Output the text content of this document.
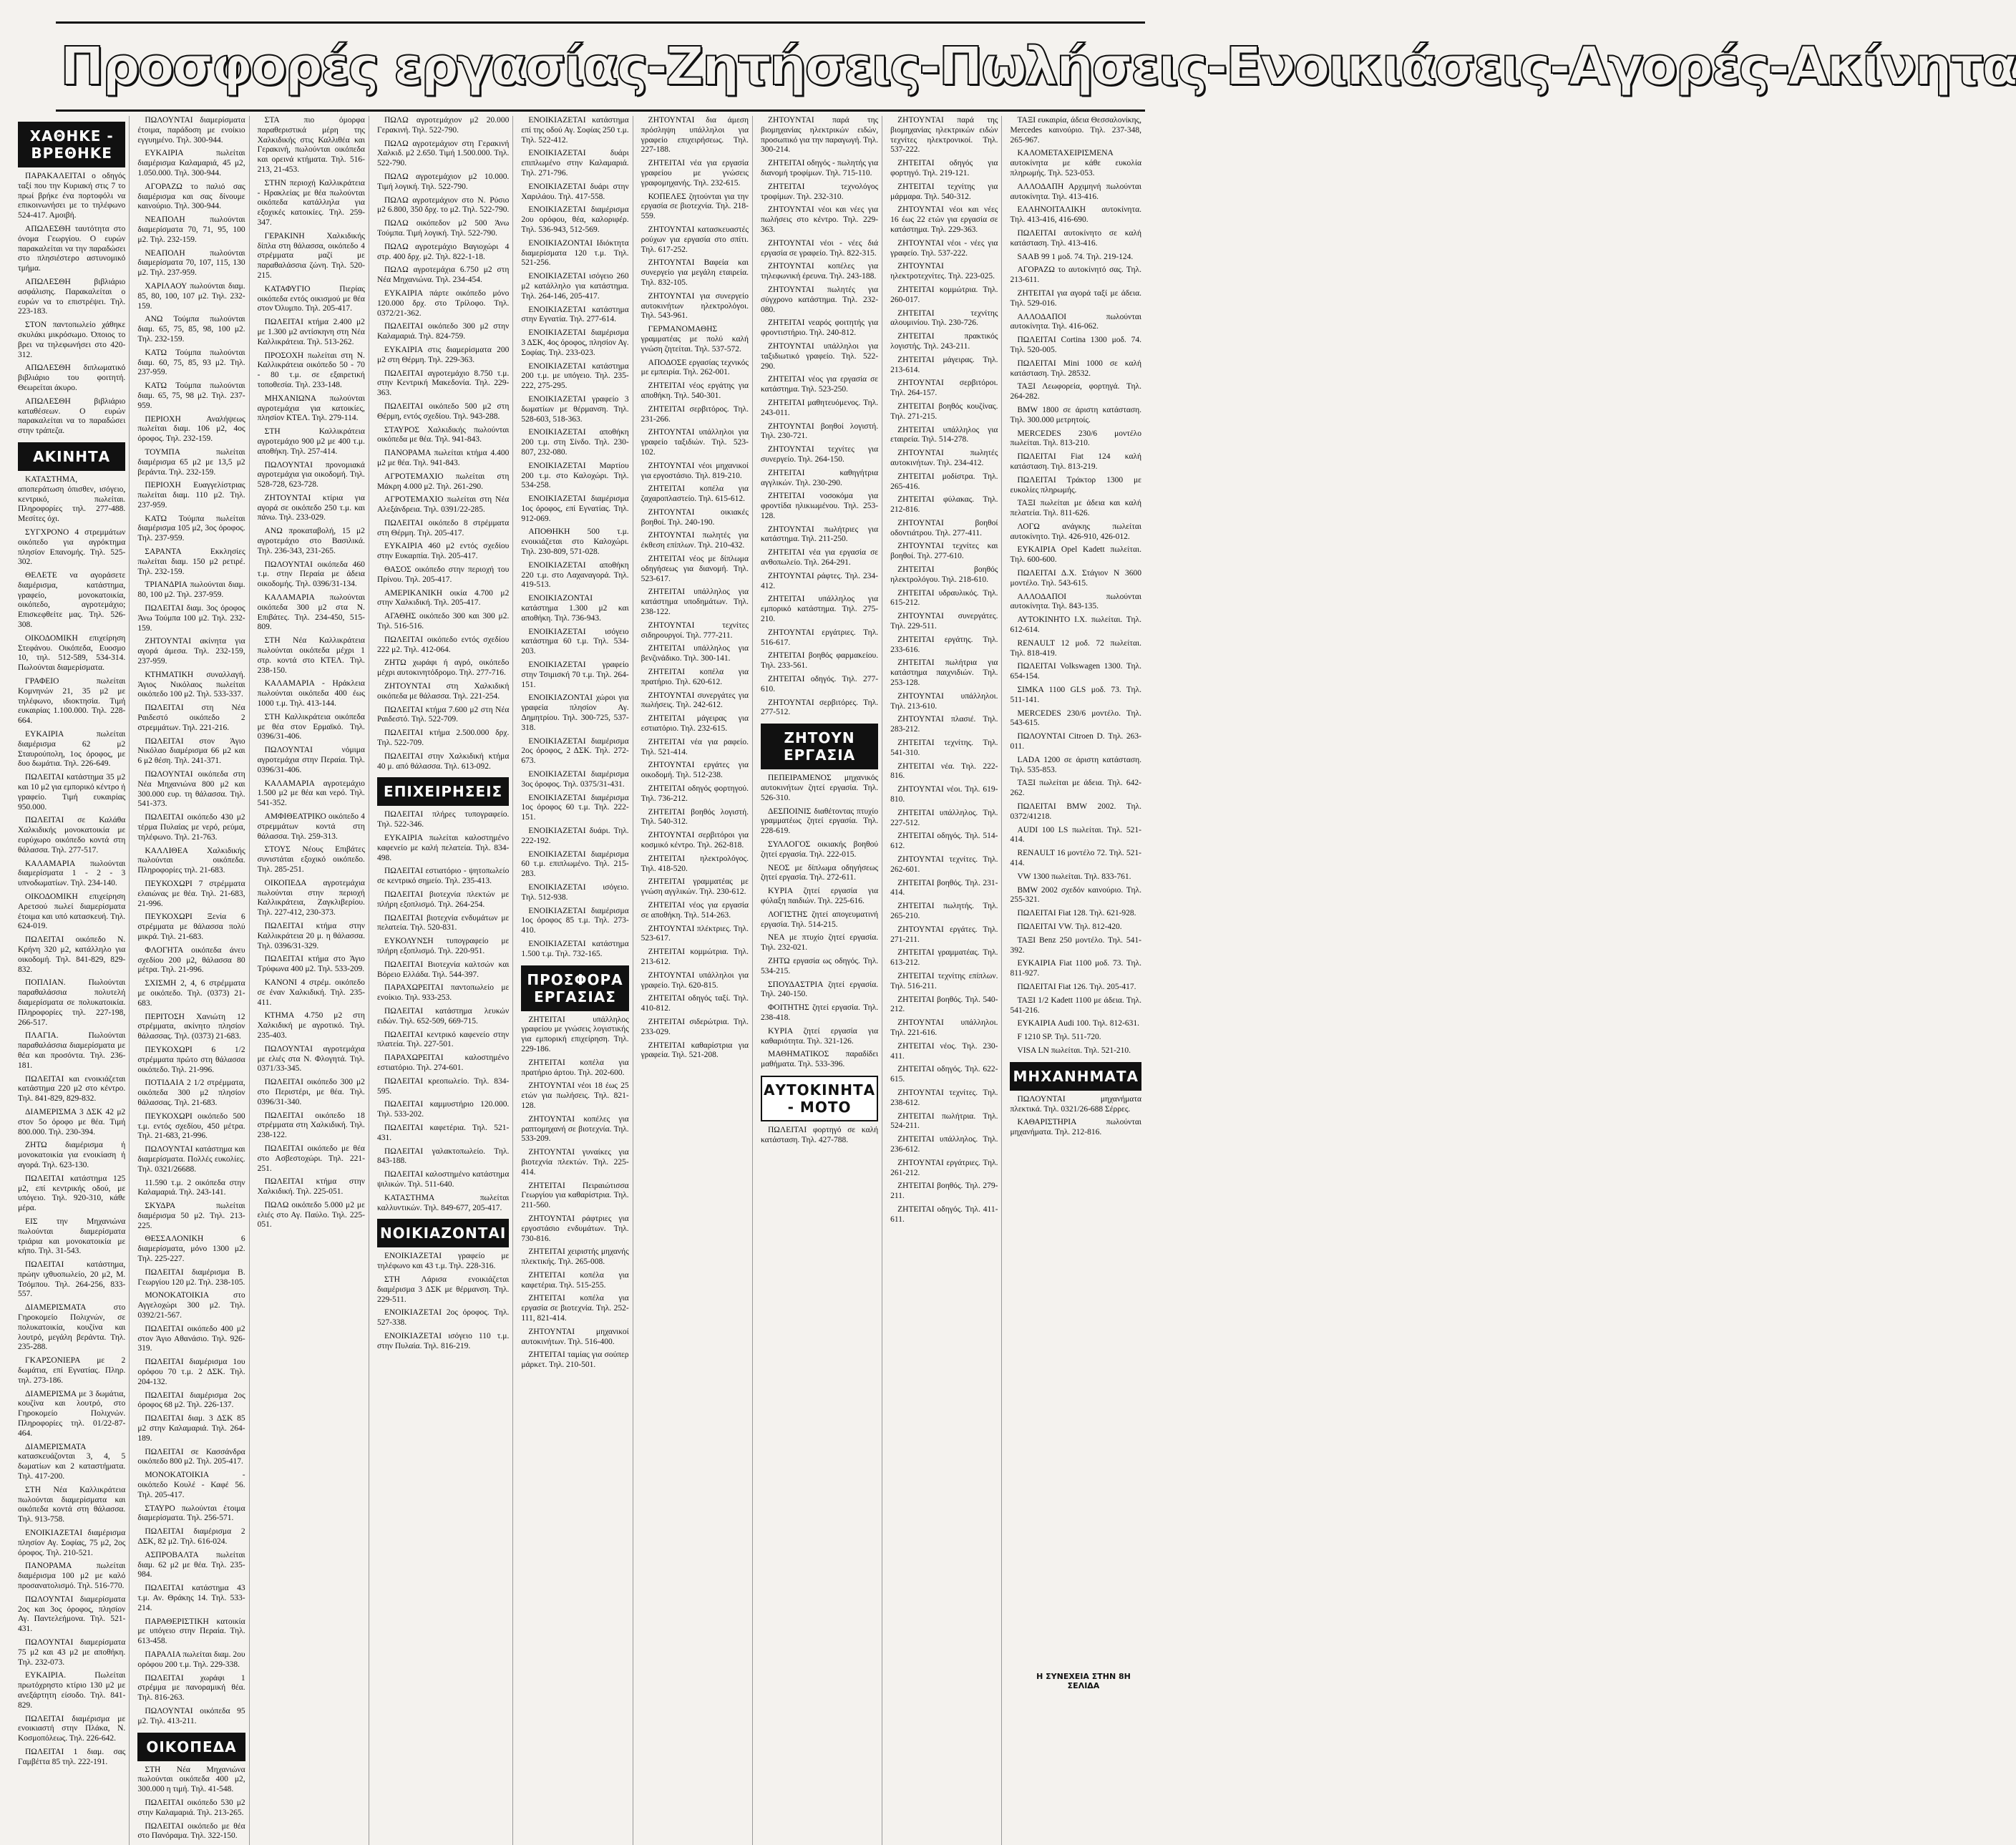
Προσφορές εργασίας-Ζητήσεις-Πωλήσεις-Ενοικιάσεις-Αγορές-Ακίνητα
ΧΑΘΗΚΕ - ΒΡΕΘΗΚΕ
ΠΑΡΑΚΑΛΕΙΤΑΙ ο οδηγός ταξί που την Κυριακή στις 7 το πρωί βρήκε ένα πορτοφόλι να επικοινωνήσει με το τηλέφωνο 524-417. Αμοιβή.
ΑΠΩΛΕΣΘΗ ταυτότητα στο όνομα Γεωργίου. Ο ευρών παρακαλείται να την παραδώσει στο πλησιέστερο αστυνομικό τμήμα.
ΑΠΩΛΕΣΘΗ βιβλιάριο ασφάλισης. Παρακαλείται ο ευρών να το επιστρέψει. Τηλ. 223-183.
ΣΤΟΝ παντοπωλείο χάθηκε σκυλάκι μικρόσωμο. Όποιος το βρει να τηλεφωνήσει στο 420-312.
ΑΠΩΛΕΣΘΗ διπλωματικό βιβλιάριο του φοιτητή. Θεωρείται άκυρο.
ΑΠΩΛΕΣΘΗ βιβλιάριο καταθέσεων. Ο ευρών παρακαλείται να το παραδώσει στην τράπεζα.
ΑΚΙΝΗΤΑ
ΚΑΤΑΣΤΗΜΑ, αποπεράτωση όπισθεν, ισόγειο, κεντρικό, πωλείται. Πληροφορίες τηλ. 277-488. Μεσίτες όχι.
ΣΥΓΧΡΟΝΟ 4 στρεμμάτων οικόπεδο για αγρόκτημα πλησίον Επανομής. Τηλ. 525-302.
ΘΕΛΕΤΕ να αγοράσετε διαμέρισμα, κατάστημα, γραφείο, μονοκατοικία, οικόπεδο, αγροτεμάχιο; Επισκεφθείτε μας. Τηλ. 526-308.
ΟΙΚΟΔΟΜΙΚΗ επιχείρηση Στεφάνου. Οικόπεδα, Ευοσμο 10, τηλ. 512-589, 534-314. Πωλούνται διαμερίσματα.
ΓΡΑΦΕΙΟ πωλείται Κομνηνών 21, 35 μ2 με τηλέφωνο, ιδιοκτησία. Τιμή ευκαιρίας 1.100.000. Τηλ. 228-664.
ΕΥΚΑΙΡΙΑ πωλείται διαμέρισμα 62 μ2 Σταυρούπολη, 1ος όροφος, με δυο δωμάτια. Τηλ. 226-649.
ΠΩΛΕΙΤΑΙ κατάστημα 35 μ2 και 10 μ2 για εμπορικό κέντρο ή γραφείο. Τιμή ευκαιρίας 950.000.
ΠΩΛΕΙΤΑΙ σε Καλάθα Χαλκιδικής μονοκατοικία με ευρύχωρο οικόπεδο κοντά στη θάλασσα. Τηλ. 277-517.
ΚΑΛΑΜΑΡΙΑ πωλούνται διαμερίσματα 1 - 2 - 3 υπνοδωματίων. Τηλ. 234-140.
ΟΙΚΟΔΟΜΙΚΗ επιχείρηση Αρετσού πωλεί διαμερίσματα έτοιμα και υπό κατασκευή. Τηλ. 624-019.
ΠΩΛΕΙΤΑΙ οικόπεδο Ν. Κρήνη 320 μ2, κατάλληλο για οικοδομή. Τηλ. 841-829, 829-832.
ΠΟΠΛΙΑΝ. Πωλούνται παραθαλάσσια πολυτελή διαμερίσματα σε πολυκατοικία. Πληροφορίες τηλ. 227-198, 266-517.
ΠΛΑΓΙΑ. Πωλούνται παραθαλάσσια διαμερίσματα με θέα και προσόντα. Τηλ. 236-181.
ΠΩΛΕΙΤΑΙ και ενοικιάζεται κατάστημα 220 μ2 στο κέντρο. Τηλ. 841-829, 829-832.
ΔΙΑΜΕΡΙΣΜΑ 3 ΔΣΚ 42 μ2 στον 5ο όροφο με θέα. Τιμή 800.000. Τηλ. 230-394.
ΖΗΤΩ διαμέρισμα ή μονοκατοικία για ενοικίαση ή αγορά. Τηλ. 623-130.
ΠΩΛΕΙΤΑΙ κατάστημα 125 μ2, επί κεντρικής οδού, με υπόγειο. Τηλ. 920-310, κάθε μέρα.
ΕΙΣ την Μηχανιώνα πωλούνται διαμερίσματα τριάρια και μονοκατοικία με κήπο. Τηλ. 31-543.
ΠΩΛΕΙΤΑΙ κατάστημα, πρώην ιχθυοπωλείο, 20 μ2, Μ. Τσόμπου. Τηλ. 264-256, 833-557.
ΔΙΑΜΕΡΙΣΜΑΤΑ στο Γηροκομείο Πολιχνών, σε πολυκατοικία, κουζίνα και λουτρό, μεγάλη βεράντα. Τηλ. 235-288.
ΓΚΑΡΣΟΝΙΕΡΑ με 2 δωμάτια, επί Εγνατίας. Πληρ. τηλ. 273-186.
ΔΙΑΜΕΡΙΣΜΑ με 3 δωμάτια, κουζίνα και λουτρό, στο Γηροκομείο Πολιχνών. Πληροφορίες τηλ. 01/22-87-464.
ΔΙΑΜΕΡΙΣΜΑΤΑ κατασκευάζονται 3, 4, 5 δωματίων και 2 καταστήματα. Τηλ. 417-200.
ΣΤΗ Νέα Καλλικράτεια πωλούνται διαμερίσματα και οικόπεδα κοντά στη θάλασσα. Τηλ. 913-758.
ΕΝΟΙΚΙΑΖΕΤΑΙ διαμέρισμα πλησίον Αγ. Σοφίας, 75 μ2, 2ος όροφος. Τηλ. 210-521.
ΠΑΝΟΡΑΜΑ πωλείται διαμέρισμα 100 μ2 με καλό προσανατολισμό. Τηλ. 516-770.
ΠΩΛΟΥΝΤΑΙ διαμερίσματα 2ος και 3ος όροφος, πλησίον Αγ. Παντελεήμονα. Τηλ. 521-431.
ΠΩΛΟΥΝΤΑΙ διαμερίσματα 75 μ2 και 43 μ2 με αποθήκη. Τηλ. 232-073.
ΕΥΚΑΙΡΙΑ. Πωλείται πρωτόχρηστο κτίριο 130 μ2 με ανεξάρτητη είσοδο. Τηλ. 841-829.
ΠΩΛΕΙΤΑΙ διαμέρισμα με ενοικιαστή στην Πλάκα, Ν. Κοσμοπόλεως. Τηλ. 226-642.
ΠΩΛΕΙΤΑΙ 1 διαμ. σας Γαμβέττα 85 τηλ. 222-191.
ΠΩΛΟΥΝΤΑΙ διαμερίσματα έτοιμα, παράδοση με ενοίκιο εγγυημένο. Τηλ. 300-944.
ΕΥΚΑΙΡΙΑ πωλείται διαμέρισμα Καλαμαριά, 45 μ2, 1.050.000. Τηλ. 300-944.
ΑΓΟΡΑΖΩ το παλιό σας διαμέρισμα και σας δίνουμε καινούριο. Τηλ. 300-944.
ΝΕΑΠΟΛΗ πωλούνται διαμερίσματα 70, 71, 95, 100 μ2. Τηλ. 232-159.
ΝΕΑΠΟΛΗ πωλούνται διαμερίσματα 70, 107, 115, 130 μ2. Τηλ. 237-959.
ΧΑΡΙΛΑΟΥ πωλούνται διαμ. 85, 80, 100, 107 μ2. Τηλ. 232-159.
ΑΝΩ Τούμπα πωλούνται διαμ. 65, 75, 85, 98, 100 μ2. Τηλ. 232-159.
ΚΑΤΩ Τούμπα πωλούνται διαμ. 60, 75, 85, 93 μ2. Τηλ. 237-959.
ΚΑΤΩ Τούμπα πωλούνται διαμ. 65, 75, 98 μ2. Τηλ. 237-959.
ΠΕΡΙΟΧΗ Αναλήψεως πωλείται διαμ. 106 μ2, 4ος όροφος. Τηλ. 232-159.
ΤΟΥΜΠΑ πωλείται διαμέρισμα 65 μ2 με 13,5 μ2 βεράντα. Τηλ. 232-159.
ΠΕΡΙΟΧΗ Ευαγγελίστριας πωλείται διαμ. 110 μ2. Τηλ. 237-959.
ΚΑΤΩ Τούμπα πωλείται διαμέρισμα 105 μ2, 3ος όροφος. Τηλ. 237-959.
ΣΑΡΑΝΤΑ Εκκλησίες πωλείται διαμ. 150 μ2 ρετιρέ. Τηλ. 232-159.
ΤΡΙΑΝΔΡΙΑ πωλούνται διαμ. 80, 100 μ2. Τηλ. 237-959.
ΠΩΛΕΙΤΑΙ διαμ. 3ος όροφος Άνω Τούμπα 100 μ2. Τηλ. 232-159.
ΖΗΤΟΥΝΤΑΙ ακίνητα για αγορά άμεσα. Τηλ. 232-159, 237-959.
ΚΤΗΜΑΤΙΚΗ συναλλαγή. Άγιος Νικόλαος πωλείται οικόπεδο 100 μ2. Τηλ. 533-337.
ΠΩΛΕΙΤΑΙ στη Νέα Ραιδεστό οικόπεδο 2 στρεμμάτων. Τηλ. 221-216.
ΠΩΛΕΙΤΑΙ στον Άγιο Νικόλαο διαμέρισμα 66 μ2 και 6 μ2 θέση. Τηλ. 241-371.
ΠΩΛΟΥΝΤΑΙ οικόπεδα στη Νέα Μηχανιώνα 800 μ2 και 300.000 ευρ. τη θάλασσα. Τηλ. 541-373.
ΠΩΛΕΙΤΑΙ οικόπεδο 430 μ2 τέρμα Πυλαίας με νερό, ρεύμα, τηλέφωνο. Τηλ. 21-763.
ΚΑΛΛΙΘΕΑ Χαλκιδικής πωλούνται οικόπεδα. Πληροφορίες τηλ. 21-683.
ΠΕΥΚΟΧΩΡΙ 7 στρέμματα ελαιώνας με θέα. Τηλ. 21-683, 21-996.
ΠΕΥΚΟΧΩΡΙ Ξενία 6 στρέμματα με θάλασσα πολύ μικρά. Τηλ. 21-683.
ΦΛΟΓΗΤΑ οικόπεδα άνευ σχεδίου 200 μ2, θάλασσα 80 μέτρα. Τηλ. 21-996.
ΣΧΙΣΜΗ 2, 4, 6 στρέμματα με οικόπεδο. Τηλ. (0373) 21-683.
ΠΕΡΙΤΟΣΗ Χανιώτη 12 στρέμματα, ακίνητο πλησίον θάλασσας. Τηλ. (0373) 21-683.
ΠΕΥΚΟΧΩΡΙ 6 1/2 στρέμματα πρώτο στη θάλασσα οικόπεδο. Τηλ. 21-996.
ΠΟΤΙΔΑΙΑ 2 1/2 στρέμματα, οικόπεδα 300 μ2 πλησίον θάλασσας. Τηλ. 21-683.
ΠΕΥΚΟΧΩΡΙ οικόπεδο 500 τ.μ. εντός σχεδίου, 450 μέτρα. Τηλ. 21-683, 21-996.
ΠΩΛΟΥΝΤΑΙ κατάστημα και διαμερίσματα. Πολλές ευκολίες. Τηλ. 0321/26688.
11.590 τ.μ. 2 οικόπεδα στην Καλαμαριά. Τηλ. 243-141.
ΣΚΥΔΡΑ πωλείται διαμέρισμα 50 μ2. Τηλ. 213-225.
ΘΕΣΣΑΛΟΝΙΚΗ 6 διαμερίσματα, μόνο 1300 μ2. Τηλ. 225-227.
ΠΩΛΕΙΤΑΙ διαμέρισμα Β. Γεωργίου 120 μ2. Τηλ. 238-105.
ΜΟΝΟΚΑΤΟΙΚΙΑ στο Αγγελοχώρι 300 μ2. Τηλ. 0392/21-567.
ΠΩΛΕΙΤΑΙ οικόπεδο 400 μ2 στον Άγιο Αθανάσιο. Τηλ. 926-319.
ΠΩΛΕΙΤΑΙ διαμέρισμα 1ου ορόφου 70 τ.μ. 2 ΔΣΚ. Τηλ. 204-132.
ΠΩΛΕΙΤΑΙ διαμέρισμα 2ος όροφος 68 μ2. Τηλ. 226-137.
ΠΩΛΕΙΤΑΙ διαμ. 3 ΔΣΚ 85 μ2 στην Καλαμαριά. Τηλ. 264-189.
ΠΩΛΕΙΤΑΙ σε Κασσάνδρα οικόπεδο 800 μ2. Τηλ. 205-417.
ΜΟΝΟΚΑΤΟΙΚΙΑ - οικόπεδο Κουλέ - Καφέ 56. Τηλ. 205-417.
ΣΤΑΥΡΟ πωλούνται έτοιμα διαμερίσματα. Τηλ. 256-571.
ΠΩΛΕΙΤΑΙ διαμέρισμα 2 ΔΣΚ, 82 μ2. Τηλ. 616-024.
ΑΣΠΡΟΒΑΛΤΑ πωλείται διαμ. 62 μ2 με θέα. Τηλ. 235-984.
ΠΩΛΕΙΤΑΙ κατάστημα 43 τ.μ. Αν. Θράκης 14. Τηλ. 533-214.
ΠΑΡΑΘΕΡΙΣΤΙΚΗ κατοικία με υπόγειο στην Περαία. Τηλ. 613-458.
ΠΑΡΑΛΙΑ πωλείται διαμ. 2ου ορόφου 200 τ.μ. Τηλ. 229-338.
ΠΩΛΕΙΤΑΙ χωράφι 1 στρέμμα με πανοραμική θέα. Τηλ. 816-263.
ΠΩΛΟΥΝΤΑΙ οικόπεδα 95 μ2. Τηλ. 413-211.
ΟΙΚΟΠΕΔΑ
ΣΤΗ Νέα Μηχανιώνα πωλούνται οικόπεδα 400 μ2, 300.000 η τιμή. Τηλ. 41-548.
ΠΩΛΕΙΤΑΙ οικόπεδο 530 μ2 στην Καλαμαριά. Τηλ. 213-265.
ΠΩΛΕΙΤΑΙ οικόπεδο με θέα στο Πανόραμα. Τηλ. 322-150.
ΣΤΑ πιο όμορφα παραθεριστικά μέρη της Χαλκιδικής στις Καλλιθέα και Γερακινή, πωλούνται οικόπεδα και ορεινά κτήματα. Τηλ. 516-213, 21-453.
ΣΤΗΝ περιοχή Καλλικράτεια - Ηρακλείας με θέα πωλούνται οικόπεδα κατάλληλα για εξοχικές κατοικίες. Τηλ. 259-347.
ΓΕΡΑΚΙΝΗ Χαλκιδικής δίπλα στη θάλασσα, οικόπεδο 4 στρέμματα μαζί με παραθαλάσσια ζώνη. Τηλ. 520-215.
ΚΑΤΑΦΥΓΙΟ Πιερίας οικόπεδα εντός οικισμού με θέα στον Όλυμπο. Τηλ. 205-417.
ΠΩΛΕΙΤΑΙ κτήμα 2.400 μ2 με 1.300 μ2 αντίσκηνη στη Νέα Καλλικράτεια. Τηλ. 513-262.
ΠΡΟΣΟΧΗ πωλείται στη Ν. Καλλικράτεια οικόπεδο 50 - 70 - 80 τ.μ. σε εξαιρετική τοποθεσία. Τηλ. 233-148.
ΜΗΧΑΝΙΩΝΑ πωλούνται αγροτεμάχια για κατοικίες, πλησίον ΚΤΕΛ. Τηλ. 279-114.
ΣΤΗ Καλλικράτεια αγροτεμάχιο 900 μ2 με 400 τ.μ. αποθήκη. Τηλ. 257-414.
ΠΩΛΟΥΝΤΑΙ προνομιακά αγροτεμάχια για οικοδομή. Τηλ. 528-728, 623-728.
ΖΗΤΟΥΝΤΑΙ κτίρια για αγορά σε οικόπεδο 250 τ.μ. και πάνω. Τηλ. 233-029.
ΑΝΩ προκαταβολή, 15 μ2 αγροτεμάχιο στο Βασιλικά. Τηλ. 236-343, 231-265.
ΠΩΛΟΥΝΤΑΙ οικόπεδα 460 τ.μ. στην Περαία με άδεια οικοδομής. Τηλ. 0396/31-134.
ΚΑΛΑΜΑΡΙΑ πωλούνται οικόπεδα 300 μ2 στα Ν. Επιβάτες. Τηλ. 234-450, 515-809.
ΣΤΗ Νέα Καλλικράτεια πωλούνται οικόπεδα μέχρι 1 στρ. κοντά στο ΚΤΕΛ. Τηλ. 238-150.
ΚΑΛΑΜΑΡΙΑ - Ηράκλεια πωλούνται οικόπεδα 400 έως 1000 τ.μ. Τηλ. 413-144.
ΣΤΗ Καλλικράτεια οικόπεδα με θέα στον Ερμαϊκό. Τηλ. 0396/31-406.
ΠΩΛΟΥΝΤΑΙ νόμιμα αγροτεμάχια στην Περαία. Τηλ. 0396/31-406.
ΚΑΛΑΜΑΡΙΑ αγροτεμάχιο 1.500 μ2 με θέα και νερό. Τηλ. 541-352.
ΑΜΦΙΘΕΑΤΡΙΚΟ οικόπεδο 4 στρεμμάτων κοντά στη θάλασσα. Τηλ. 259-313.
ΣΤΟΥΣ Νέους Επιβάτες συνιστάται εξοχικό οικόπεδο. Τηλ. 285-251.
ΟΙΚΟΠΕΔΑ αγροτεμάχια πωλούνται στην περιοχή Καλλικράτεια, Ζαγκλιβερίου. Τηλ. 227-412, 230-373.
ΠΩΛΕΙΤΑΙ κτήμα στην Καλλικράτεια 20 μ. η θάλασσα. Τηλ. 0396/31-329.
ΠΩΛΕΙΤΑΙ κτήμα στο Άγιο Τρύφωνα 400 μ2. Τηλ. 533-209.
ΚΑΝΟΝΙ 4 στρέμ. οικόπεδο σε έναν Χαλκιδική. Τηλ. 235-411.
ΚΤΗΜΑ 4.750 μ2 στη Χαλκιδική με αγροτικό. Τηλ. 235-403.
ΠΩΛΟΥΝΤΑΙ αγροτεμάχια με ελιές στα Ν. Φλογητά. Τηλ. 0371/33-345.
ΠΩΛΕΙΤΑΙ οικόπεδο 300 μ2 στο Περιστέρι, με θέα. Τηλ. 0396/31-340.
ΠΩΛΕΙΤΑΙ οικόπεδο 18 στρέμματα στη Χαλκιδική. Τηλ. 238-122.
ΠΩΛΕΙΤΑΙ οικόπεδο με θέα στο Ασβεστοχώρι. Τηλ. 221-251.
ΠΩΛΕΙΤΑΙ κτήμα στην Χαλκιδική. Τηλ. 225-051.
ΠΩΛΩ οικόπεδο 5.000 μ2 με ελιές στο Αγ. Παύλο. Τηλ. 225-051.
ΠΩΛΩ αγροτεμάχιον μ2 20.000 Γερακινή. Τηλ. 522-790.
ΠΩΛΩ αγροτεμάχιον στη Γερακινή Χαλκιδ. μ2 2.650. Τιμή 1.500.000. Τηλ. 522-790.
ΠΩΛΩ αγροτεμάχιον μ2 10.000. Τιμή λογική. Τηλ. 522-790.
ΠΩΛΩ αγροτεμάχιον στο Ν. Ρύσιο μ2 6.800, 350 δρχ. το μ2. Τηλ. 522-790.
ΠΩΛΩ οικόπεδον μ2 500 Άνω Τούμπα. Τιμή λογική. Τηλ. 522-790.
ΠΩΛΩ αγροτεμάχιο Βαγιοχώρι 4 στρ. 400 δρχ. μ2. Τηλ. 822-1-18.
ΠΩΛΩ αγροτεμάχια 6.750 μ2 στη Νέα Μηχανιώνα. Τηλ. 234-454.
ΕΥΚΑΙΡΙΑ πάρτε οικόπεδο μόνο 120.000 δρχ. στο Τρίλοφο. Τηλ. 0372/21-362.
ΠΩΛΕΙΤΑΙ οικόπεδο 300 μ2 στην Καλαμαριά. Τηλ. 824-759.
ΕΥΚΑΙΡΙΑ στις διαμερίσματα 200 μ2 στη Θέρμη. Τηλ. 229-363.
ΠΩΛΕΙΤΑΙ αγροτεμάχιο 8.750 τ.μ. στην Κεντρική Μακεδονία. Τηλ. 229-363.
ΠΩΛΕΙΤΑΙ οικόπεδο 500 μ2 στη Θέρμη, εντός σχεδίου. Τηλ. 943-288.
ΣΤΑΥΡΟΣ Χαλκιδικής πωλούνται οικόπεδα με θέα. Τηλ. 941-843.
ΠΑΝΟΡΑΜΑ πωλείται κτήμα 4.400 μ2 με θέα. Τηλ. 941-843.
ΑΓΡΟΤΕΜΑΧΙΟ πωλείται στη Μάκρη 4.000 μ2. Τηλ. 261-290.
ΑΓΡΟΤΕΜΑΧΙΟ πωλείται στη Νέα Αλεξάνδρεια. Τηλ. 0391/22-285.
ΠΩΛΕΙΤΑΙ οικόπεδο 8 στρέμματα στη Θέρμη. Τηλ. 205-417.
ΕΥΚΑΙΡΙΑ 460 μ2 εντός σχεδίου στην Ευκαρπία. Τηλ. 205-417.
ΘΑΣΟΣ οικόπεδο στην περιοχή του Πρίνου. Τηλ. 205-417.
ΑΜΕΡΙΚΑΝΙΚΗ οικία 4.700 μ2 στην Χαλκιδική. Τηλ. 205-417.
ΑΓΑΘΗΣ οικόπεδο 300 και 300 μ2. Τηλ. 516-516.
ΠΩΛΕΙΤΑΙ οικόπεδο εντός σχεδίου 222 μ2. Τηλ. 412-064.
ΖΗΤΩ χωράφι ή αγρό, οικόπεδο μέχρι αυτοκινητόδρομο. Τηλ. 277-716.
ΖΗΤΟΥΝΤΑΙ στη Χαλκιδική οικόπεδα με θάλασσα. Τηλ. 221-254.
ΠΩΛΕΙΤΑΙ κτήμα 7.600 μ2 στη Νέα Ραιδεστό. Τηλ. 522-709.
ΠΩΛΕΙΤΑΙ κτήμα 2.500.000 δρχ. Τηλ. 522-709.
ΠΩΛΕΙΤΑΙ στην Χαλκιδική κτήμα 40 μ. από θάλασσα. Τηλ. 613-092.
ΕΠΙΧΕΙΡΗΣΕΙΣ
ΠΩΛΕΙΤΑΙ πλήρες τυπογραφείο. Τηλ. 522-346.
ΕΥΚΑΙΡΙΑ πωλείται καλοστημένο καφενείο με καλή πελατεία. Τηλ. 834-498.
ΠΩΛΕΙΤΑΙ εστιατόριο - ψητοπωλείο σε κεντρικό σημείο. Τηλ. 235-413.
ΠΩΛΕΙΤΑΙ βιοτεχνία πλεκτών με πλήρη εξοπλισμό. Τηλ. 264-254.
ΠΩΛΕΙΤΑΙ βιοτεχνία ενδυμάτων με πελατεία. Τηλ. 520-831.
ΕΥΚΟΛΥΝΣΗ τυπογραφείο με πλήρη εξοπλισμό. Τηλ. 220-951.
ΠΩΛΕΙΤΑΙ Βιοτεχνία καλτσών και Βόρειο Ελλάδα. Τηλ. 544-397.
ΠΑΡΑΧΩΡΕΙΤΑΙ παντοπωλείο με ενοίκιο. Τηλ. 933-253.
ΠΩΛΕΙΤΑΙ κατάστημα λευκών ειδών. Τηλ. 652-509, 669-715.
ΠΩΛΕΙΤΑΙ κεντρικό καφενείο στην πλατεία. Τηλ. 227-501.
ΠΑΡΑΧΩΡΕΙΤΑΙ καλοστημένο εστιατόριο. Τηλ. 274-601.
ΠΩΛΕΙΤΑΙ κρεοπωλείο. Τηλ. 834-595.
ΠΩΛΕΙΤΑΙ καμμυστήριο 120.000. Τηλ. 533-202.
ΠΩΛΕΙΤΑΙ καφετέρια. Τηλ. 521-431.
ΠΩΛΕΙΤΑΙ γαλακτοπωλείο. Τηλ. 843-188.
ΠΩΛΕΙΤΑΙ καλοστημένο κατάστημα ψιλικών. Τηλ. 511-640.
ΚΑΤΑΣΤΗΜΑ πωλείται καλλυντικών. Τηλ. 849-677, 205-417.
ΝΟΙΚΙΑΖΟΝΤΑΙ
ΕΝΟΙΚΙΑΖΕΤΑΙ γραφείο με τηλέφωνο και 43 τ.μ. Τηλ. 228-316.
ΣΤΗ Λάρισα ενοικιάζεται διαμέρισμα 3 ΔΣΚ με θέρμανση. Τηλ. 229-511.
ΕΝΟΙΚΙΑΖΕΤΑΙ 2ος όροφος. Τηλ. 527-338.
ΕΝΟΙΚΙΑΖΕΤΑΙ ισόγειο 110 τ.μ. στην Πυλαία. Τηλ. 816-219.
ΕΝΟΙΚΙΑΖΕΤΑΙ κατάστημα επί της οδού Αγ. Σοφίας 250 τ.μ. Τηλ. 522-412.
ΕΝΟΙΚΙΑΖΕΤΑΙ δυάρι επιπλωμένο στην Καλαμαριά. Τηλ. 271-796.
ΕΝΟΙΚΙΑΖΕΤΑΙ δυάρι στην Χαριλάου. Τηλ. 417-558.
ΕΝΟΙΚΙΑΖΕΤΑΙ διαμέρισμα 2ου ορόφου, θέα, καλοριφέρ. Τηλ. 536-943, 512-569.
ΕΝΟΙΚΙΑΖΟΝΤΑΙ Ιδιόκτητα διαμερίσματα 120 τ.μ. Τηλ. 521-256.
ΕΝΟΙΚΙΑΖΕΤΑΙ ισόγειο 260 μ2 κατάλληλο για κατάστημα. Τηλ. 264-146, 205-417.
ΕΝΟΙΚΙΑΖΕΤΑΙ κατάστημα στην Εγνατία. Τηλ. 277-614.
ΕΝΟΙΚΙΑΖΕΤΑΙ διαμέρισμα 3 ΔΣΚ, 4ος όροφος, πλησίον Αγ. Σοφίας. Τηλ. 233-023.
ΕΝΟΙΚΙΑΖΕΤΑΙ κατάστημα 200 τ.μ. με υπόγειο. Τηλ. 235-222, 275-295.
ΕΝΟΙΚΙΑΖΕΤΑΙ γραφείο 3 δωματίων με θέρμανση. Τηλ. 528-603, 518-363.
ΕΝΟΙΚΙΑΖΕΤΑΙ αποθήκη 200 τ.μ. στη Σίνδο. Τηλ. 230-807, 232-080.
ΕΝΟΙΚΙΑΖΕΤΑΙ Μαρτίου 200 τ.μ. στο Καλοχώρι. Τηλ. 534-258.
ΕΝΟΙΚΙΑΖΕΤΑΙ διαμέρισμα 1ος όροφος, επί Εγνατίας. Τηλ. 912-069.
ΑΠΟΘΗΚΗ 500 τ.μ. ενοικιάζεται στο Καλοχώρι. Τηλ. 230-809, 571-028.
ΕΝΟΙΚΙΑΖΕΤΑΙ αποθήκη 220 τ.μ. στο Λαχαναγορά. Τηλ. 419-513.
ΕΝΟΙΚΙΑΖΟΝΤΑΙ κατάστημα 1.300 μ2 και αποθήκη. Τηλ. 736-943.
ΕΝΟΙΚΙΑΖΕΤΑΙ ισόγειο κατάστημα 60 τ.μ. Τηλ. 534-203.
ΕΝΟΙΚΙΑΖΕΤΑΙ γραφείο στην Τσιμισκή 70 τ.μ. Τηλ. 264-151.
ΕΝΟΙΚΙΑΖΟΝΤΑΙ χώροι για γραφεία πλησίον Αγ. Δημητρίου. Τηλ. 300-725, 537-318.
ΕΝΟΙΚΙΑΖΕΤΑΙ διαμέρισμα 2ος όροφος, 2 ΔΣΚ. Τηλ. 272-673.
ΕΝΟΙΚΙΑΖΕΤΑΙ διαμέρισμα 3ος όροφος. Τηλ. 0375/31-431.
ΕΝΟΙΚΙΑΖΕΤΑΙ διαμέρισμα 1ος όροφος 60 τ.μ. Τηλ. 222-151.
ΕΝΟΙΚΙΑΖΕΤΑΙ δυάρι. Τηλ. 222-192.
ΕΝΟΙΚΙΑΖΕΤΑΙ διαμέρισμα 60 τ.μ. επιπλωμένο. Τηλ. 215-283.
ΕΝΟΙΚΙΑΖΕΤΑΙ ισόγειο. Τηλ. 512-938.
ΕΝΟΙΚΙΑΖΕΤΑΙ διαμέρισμα 1ος όροφος 85 τ.μ. Τηλ. 273-410.
ΕΝΟΙΚΙΑΖΕΤΑΙ κατάστημα 1.500 τ.μ. Τηλ. 732-165.
ΠΡΟΣΦΟΡΑ ΕΡΓΑΣΙΑΣ
ΖΗΤΕΙΤΑΙ υπάλληλος γραφείου με γνώσεις λογιστικής για εμπορική επιχείρηση. Τηλ. 229-186.
ΖΗΤΕΙΤΑΙ κοπέλα για πρατήριο άρτου. Τηλ. 202-600.
ΖΗΤΟΥΝΤΑΙ νέοι 18 έως 25 ετών για πωλήσεις. Τηλ. 821-128.
ΖΗΤΟΥΝΤΑΙ κοπέλες για ραπτομηχανή σε βιοτεχνία. Τηλ. 533-209.
ΖΗΤΟΥΝΤΑΙ γυναίκες για βιοτεχνία πλεκτών. Τηλ. 225-414.
ΖΗΤΕΙΤΑΙ Πειραιώτισσα Γεωργίου για καθαρίστρια. Τηλ. 211-560.
ΖΗΤΟΥΝΤΑΙ ράφτριες για εργοστάσιο ενδυμάτων. Τηλ. 730-816.
ΖΗΤΕΙΤΑΙ χειριστής μηχανής πλεκτικής. Τηλ. 265-008.
ΖΗΤΕΙΤΑΙ κοπέλα για καφετέρια. Τηλ. 515-255.
ΖΗΤΕΙΤΑΙ κοπέλα για εργασία σε βιοτεχνία. Τηλ. 252-111, 821-414.
ΖΗΤΟΥΝΤΑΙ μηχανικοί αυτοκινήτων. Τηλ. 516-400.
ΖΗΤΕΙΤΑΙ ταμίας για σούπερ μάρκετ. Τηλ. 210-501.
ΖΗΤΟΥΝΤΑΙ δια άμεση πρόσληψη υπάλληλοι για γραφείο επιχειρήσεως. Τηλ. 227-188.
ΖΗΤΕΙΤΑΙ νέα για εργασία γραφείου με γνώσεις γραφομηχανής. Τηλ. 232-615.
ΚΟΠΕΛΕΣ ζητούνται για την εργασία σε βιοτεχνία. Τηλ. 218-559.
ΖΗΤΟΥΝΤΑΙ κατασκευαστές ρούχων για εργασία στο σπίτι. Τηλ. 617-252.
ΖΗΤΟΥΝΤΑΙ Βαφεία και συνεργείο για μεγάλη εταιρεία. Τηλ. 832-105.
ΖΗΤΟΥΝΤΑΙ για συνεργείο αυτοκινήτων ηλεκτρολόγοι. Τηλ. 543-961.
ΓΕΡΜΑΝΟΜΑΘΗΣ γραμματέας με πολύ καλή γνώση ζητείται. Τηλ. 537-572.
ΑΠΟΔΟΣΕ εργασίας τεχνικός με εμπειρία. Τηλ. 262-001.
ΖΗΤΕΙΤΑΙ νέος εργάτης για αποθήκη. Τηλ. 540-301.
ΖΗΤΕΙΤΑΙ σερβιτόρος. Τηλ. 231-266.
ΖΗΤΟΥΝΤΑΙ υπάλληλοι για γραφείο ταξιδιών. Τηλ. 523-102.
ΖΗΤΟΥΝΤΑΙ νέοι μηχανικοί για εργοστάσιο. Τηλ. 819-210.
ΖΗΤΕΙΤΑΙ κοπέλα για ζαχαροπλαστείο. Τηλ. 615-612.
ΖΗΤΟΥΝΤΑΙ οικιακές βοηθοί. Τηλ. 240-190.
ΖΗΤΟΥΝΤΑΙ πωλητές για έκθεση επίπλων. Τηλ. 210-432.
ΖΗΤΕΙΤΑΙ νέος με δίπλωμα οδηγήσεως για διανομή. Τηλ. 523-617.
ΖΗΤΕΙΤΑΙ υπάλληλος για κατάστημα υποδημάτων. Τηλ. 238-122.
ΖΗΤΟΥΝΤΑΙ τεχνίτες σιδηρουργοί. Τηλ. 777-211.
ΖΗΤΕΙΤΑΙ υπάλληλος για βενζινάδικο. Τηλ. 300-141.
ΖΗΤΕΙΤΑΙ κοπέλα για πρατήριο. Τηλ. 620-612.
ΖΗΤΟΥΝΤΑΙ συνεργάτες για πωλήσεις. Τηλ. 242-612.
ΖΗΤΕΙΤΑΙ μάγειρας για εστιατόριο. Τηλ. 232-615.
ΖΗΤΕΙΤΑΙ νέα για ραφείο. Τηλ. 521-414.
ΖΗΤΟΥΝΤΑΙ εργάτες για οικοδομή. Τηλ. 512-238.
ΖΗΤΕΙΤΑΙ οδηγός φορτηγού. Τηλ. 736-212.
ΖΗΤΕΙΤΑΙ βοηθός λογιστή. Τηλ. 540-312.
ΖΗΤΟΥΝΤΑΙ σερβιτόροι για κοσμικό κέντρο. Τηλ. 262-818.
ΖΗΤΕΙΤΑΙ ηλεκτρολόγος. Τηλ. 418-520.
ΖΗΤΕΙΤΑΙ γραμματέας με γνώση αγγλικών. Τηλ. 230-612.
ΖΗΤΕΙΤΑΙ νέος για εργασία σε αποθήκη. Τηλ. 514-263.
ΖΗΤΟΥΝΤΑΙ πλέκτριες. Τηλ. 523-617.
ΖΗΤΕΙΤΑΙ κομμώτρια. Τηλ. 213-612.
ΖΗΤΟΥΝΤΑΙ υπάλληλοι για γραφείο. Τηλ. 620-815.
ΖΗΤΕΙΤΑΙ οδηγός ταξί. Τηλ. 410-812.
ΖΗΤΕΙΤΑΙ σιδερώτρια. Τηλ. 233-029.
ΖΗΤΕΙΤΑΙ καθαρίστρια για γραφεία. Τηλ. 521-208.
ΖΗΤΟΥΝΤΑΙ παρά της βιομηχανίας ηλεκτρικών ειδών, προσωπικό για την παραγωγή. Τηλ. 300-214.
ΖΗΤΕΙΤΑΙ οδηγός - πωλητής για διανομή τροφίμων. Τηλ. 715-110.
ΖΗΤΕΙΤΑΙ τεχνολόγος τροφίμων. Τηλ. 232-310.
ΖΗΤΟΥΝΤΑΙ νέοι και νέες για πωλήσεις στο κέντρο. Τηλ. 229-363.
ΖΗΤΟΥΝΤΑΙ νέοι - νέες διά εργασία σε γραφείο. Τηλ. 822-315.
ΖΗΤΟΥΝΤΑΙ κοπέλες για τηλεφωνική έρευνα. Τηλ. 243-188.
ΖΗΤΟΥΝΤΑΙ πωλητές για σύγχρονο κατάστημα. Τηλ. 232-080.
ΖΗΤΕΙΤΑΙ νεαρός φοιτητής για φροντιστήριο. Τηλ. 240-812.
ΖΗΤΟΥΝΤΑΙ υπάλληλοι για ταξιδιωτικό γραφείο. Τηλ. 522-290.
ΖΗΤΕΙΤΑΙ νέος για εργασία σε κατάστημα. Τηλ. 523-250.
ΖΗΤΕΙΤΑΙ μαθητευόμενος. Τηλ. 243-011.
ΖΗΤΟΥΝΤΑΙ βοηθοί λογιστή. Τηλ. 230-721.
ΖΗΤΟΥΝΤΑΙ τεχνίτες για συνεργείο. Τηλ. 264-150.
ΖΗΤΕΙΤΑΙ καθηγήτρια αγγλικών. Τηλ. 230-290.
ΖΗΤΕΙΤΑΙ νοσοκόμα για φροντίδα ηλικιωμένου. Τηλ. 253-128.
ΖΗΤΟΥΝΤΑΙ πωλήτριες για κατάστημα. Τηλ. 211-250.
ΖΗΤΕΙΤΑΙ νέα για εργασία σε ανθοπωλείο. Τηλ. 264-291.
ΖΗΤΟΥΝΤΑΙ ράφτες. Τηλ. 234-412.
ΖΗΤΕΙΤΑΙ υπάλληλος για εμπορικό κατάστημα. Τηλ. 275-210.
ΖΗΤΟΥΝΤΑΙ εργάτριες. Τηλ. 516-617.
ΖΗΤΕΙΤΑΙ βοηθός φαρμακείου. Τηλ. 233-561.
ΖΗΤΕΙΤΑΙ οδηγός. Τηλ. 277-610.
ΖΗΤΟΥΝΤΑΙ σερβιτόρες. Τηλ. 277-512.
ΖΗΤΟΥΝ ΕΡΓΑΣΙΑ
ΠΕΠΕΙΡΑΜΕΝΟΣ μηχανικός αυτοκινήτων ζητεί εργασία. Τηλ. 526-310.
ΔΕΣΠΟΙΝΙΣ διαθέτοντας πτυχίο γραμματέως ζητεί εργασία. Τηλ. 228-619.
ΣΥΛΛΟΓΟΣ οικιακής βοηθού ζητεί εργασία. Τηλ. 222-015.
ΝΕΟΣ με δίπλωμα οδηγήσεως ζητεί εργασία. Τηλ. 272-611.
ΚΥΡΙΑ ζητεί εργασία για φύλαξη παιδιών. Τηλ. 225-616.
ΛΟΓΙΣΤΗΣ ζητεί απογευματινή εργασία. Τηλ. 514-215.
ΝΕΑ με πτυχίο ζητεί εργασία. Τηλ. 232-021.
ΖΗΤΩ εργασία ως οδηγός. Τηλ. 534-215.
ΣΠΟΥΔΑΣΤΡΙΑ ζητεί εργασία. Τηλ. 240-150.
ΦΟΙΤΗΤΗΣ ζητεί εργασία. Τηλ. 238-418.
ΚΥΡΙΑ ζητεί εργασία για καθαριότητα. Τηλ. 321-126.
ΜΑΘΗΜΑΤΙΚΟΣ παραδίδει μαθήματα. Τηλ. 533-396.
ΑΥΤΟΚΙΝΗΤΑ - ΜΟΤΟ
ΠΩΛΕΙΤΑΙ φορτηγό σε καλή κατάσταση. Τηλ. 427-788.
ΖΗΤΟΥΝΤΑΙ παρά της βιομηχανίας ηλεκτρικών ειδών τεχνίτες ηλεκτρονικοί. Τηλ. 537-222.
ΖΗΤΕΙΤΑΙ οδηγός για φορτηγό. Τηλ. 219-121.
ΖΗΤΕΙΤΑΙ τεχνίτης για μάρμαρα. Τηλ. 540-312.
ΖΗΤΟΥΝΤΑΙ νέοι και νέες 16 έως 22 ετών για εργασία σε κατάστημα. Τηλ. 229-363.
ΖΗΤΟΥΝΤΑΙ νέοι - νέες για γραφείο. Τηλ. 537-222.
ΖΗΤΟΥΝΤΑΙ ηλεκτροτεχνίτες. Τηλ. 223-025.
ΖΗΤΕΙΤΑΙ κομμώτρια. Τηλ. 260-017.
ΖΗΤΕΙΤΑΙ τεχνίτης αλουμινίου. Τηλ. 230-726.
ΖΗΤΕΙΤΑΙ πρακτικός λογιστής. Τηλ. 243-211.
ΖΗΤΕΙΤΑΙ μάγειρας. Τηλ. 213-614.
ΖΗΤΟΥΝΤΑΙ σερβιτόροι. Τηλ. 264-157.
ΖΗΤΕΙΤΑΙ βοηθός κουζίνας. Τηλ. 271-215.
ΖΗΤΕΙΤΑΙ υπάλληλος για εταιρεία. Τηλ. 514-278.
ΖΗΤΟΥΝΤΑΙ πωλητές αυτοκινήτων. Τηλ. 234-412.
ΖΗΤΕΙΤΑΙ μοδίστρα. Τηλ. 265-416.
ΖΗΤΕΙΤΑΙ φύλακας. Τηλ. 212-816.
ΖΗΤΟΥΝΤΑΙ βοηθοί οδοντιάτρου. Τηλ. 277-411.
ΖΗΤΟΥΝΤΑΙ τεχνίτες και βοηθοί. Τηλ. 277-610.
ΖΗΤΕΙΤΑΙ βοηθός ηλεκτρολόγου. Τηλ. 218-610.
ΖΗΤΕΙΤΑΙ υδραυλικός. Τηλ. 615-212.
ΖΗΤΟΥΝΤΑΙ συνεργάτες. Τηλ. 229-511.
ΖΗΤΕΙΤΑΙ εργάτης. Τηλ. 233-616.
ΖΗΤΕΙΤΑΙ πωλήτρια για κατάστημα παιχνιδιών. Τηλ. 253-128.
ΖΗΤΟΥΝΤΑΙ υπάλληλοι. Τηλ. 213-610.
ΖΗΤΟΥΝΤΑΙ πλασιέ. Τηλ. 283-212.
ΖΗΤΕΙΤΑΙ τεχνίτης. Τηλ. 541-310.
ΖΗΤΕΙΤΑΙ νέα. Τηλ. 222-816.
ΖΗΤΟΥΝΤΑΙ νέοι. Τηλ. 619-810.
ΖΗΤΕΙΤΑΙ υπάλληλος. Τηλ. 227-512.
ΖΗΤΕΙΤΑΙ οδηγός. Τηλ. 514-612.
ΖΗΤΟΥΝΤΑΙ τεχνίτες. Τηλ. 262-601.
ΖΗΤΕΙΤΑΙ βοηθός. Τηλ. 231-414.
ΖΗΤΕΙΤΑΙ πωλητής. Τηλ. 265-210.
ΖΗΤΟΥΝΤΑΙ εργάτες. Τηλ. 271-211.
ΖΗΤΕΙΤΑΙ γραμματέας. Τηλ. 613-212.
ΖΗΤΕΙΤΑΙ τεχνίτης επίπλων. Τηλ. 516-211.
ΖΗΤΕΙΤΑΙ βοηθός. Τηλ. 540-212.
ΖΗΤΟΥΝΤΑΙ υπάλληλοι. Τηλ. 221-616.
ΖΗΤΕΙΤΑΙ νέος. Τηλ. 230-411.
ΖΗΤΕΙΤΑΙ οδηγός. Τηλ. 622-615.
ΖΗΤΟΥΝΤΑΙ τεχνίτες. Τηλ. 238-612.
ΖΗΤΕΙΤΑΙ πωλήτρια. Τηλ. 524-211.
ΖΗΤΕΙΤΑΙ υπάλληλος. Τηλ. 236-612.
ΖΗΤΟΥΝΤΑΙ εργάτριες. Τηλ. 261-212.
ΖΗΤΕΙΤΑΙ βοηθός. Τηλ. 279-211.
ΖΗΤΕΙΤΑΙ οδηγός. Τηλ. 411-611.
ΤΑΞΙ ευκαιρία, άδεια Θεσσαλονίκης, Mercedes καινούριο. Τηλ. 237-348, 265-967.
ΚΑΛΟΜΕΤΑΧΕΙΡΙΣΜΕΝΑ αυτοκίνητα με κάθε ευκολία πληρωμής. Τηλ. 523-053.
ΑΛΛΟΔΑΠΗ Αρχιμηνή πωλούνται αυτοκίνητα. Τηλ. 413-416.
ΕΛΛΗΝΟΙΤΑΛΙΚΗ αυτοκίνητα. Τηλ. 413-416, 416-690.
ΠΩΛΕΙΤΑΙ αυτοκίνητο σε καλή κατάσταση. Τηλ. 413-416.
SAAB 99 1 μοδ. 74. Τηλ. 219-124.
ΑΓΟΡΑΖΩ το αυτοκίνητό σας. Τηλ. 213-611.
ΖΗΤΕΙΤΑΙ για αγορά ταξί με άδεια. Τηλ. 529-016.
ΑΛΛΟΔΑΠΟΙ πωλούνται αυτοκίνητα. Τηλ. 416-062.
ΠΩΛΕΙΤΑΙ Cortina 1300 μοδ. 74. Τηλ. 520-005.
ΠΩΛΕΙΤΑΙ Mini 1000 σε καλή κατάσταση. Τηλ. 28532.
ΤΑΞΙ Λεωφορεία, φορτηγά. Τηλ. 264-282.
BMW 1800 σε άριστη κατάσταση. Τηλ. 300.000 μετρητοίς.
MERCEDES 230/6 μοντέλο πωλείται. Τηλ. 813-210.
ΠΩΛΕΙΤΑΙ Fiat 124 καλή κατάσταση. Τηλ. 813-219.
ΠΩΛΕΙΤΑΙ Τράκτορ 1300 με ευκολίες πληρωμής.
ΤΑΞΙ πωλείται με άδεια και καλή πελατεία. Τηλ. 811-626.
ΛΟΓΩ ανάγκης πωλείται αυτοκίνητο. Τηλ. 426-910, 426-012.
ΕΥΚΑΙΡΙΑ Opel Kadett πωλείται. Τηλ. 600-600.
ΠΩΛΕΙΤΑΙ Δ.Χ. Στάγιον Ν 3600 μοντέλο. Τηλ. 543-615.
ΑΛΛΟΔΑΠΟΙ πωλούνται αυτοκίνητα. Τηλ. 843-135.
ΑΥΤΟΚΙΝΗΤΟ Ι.Χ. πωλείται. Τηλ. 612-614.
RENAULT 12 μοδ. 72 πωλείται. Τηλ. 818-419.
ΠΩΛΕΙΤΑΙ Volkswagen 1300. Τηλ. 654-154.
ΣΙΜΚΑ 1100 GLS μοδ. 73. Τηλ. 511-141.
MERCEDES 230/6 μοντέλο. Τηλ. 543-615.
ΠΩΛΟΥΝΤΑΙ Citroen D. Τηλ. 263-011.
LADA 1200 σε άριστη κατάσταση. Τηλ. 535-853.
ΤΑΞΙ πωλείται με άδεια. Τηλ. 642-262.
ΠΩΛΕΙΤΑΙ BMW 2002. Τηλ. 0372/41218.
AUDI 100 LS πωλείται. Τηλ. 521-414.
RENAULT 16 μοντέλο 72. Τηλ. 521-414.
VW 1300 πωλείται. Τηλ. 833-761.
BMW 2002 σχεδόν καινούριο. Τηλ. 255-321.
ΠΩΛΕΙΤΑΙ Fiat 128. Τηλ. 621-928.
ΠΩΛΕΙΤΑΙ VW. Τηλ. 812-420.
ΤΑΞΙ Benz 250 μοντέλο. Τηλ. 541-392.
ΕΥΚΑΙΡΙΑ Fiat 1100 μοδ. 73. Τηλ. 811-927.
ΠΩΛΕΙΤΑΙ Fiat 126. Τηλ. 205-417.
ΤΑΞΙ 1/2 Kadett 1100 με άδεια. Τηλ. 541-216.
ΕΥΚΑΙΡΙΑ Audi 100. Τηλ. 812-631.
F 1210 SP. Τηλ. 511-720.
VISA LN πωλείται. Τηλ. 521-210.
ΜΗΧΑΝΗΜΑΤΑ
ΠΩΛΟΥΝΤΑΙ μηχανήματα πλεκτικά. Τηλ. 0321/26-688 Σέρρες.
ΚΑΘΑΡΙΣΤΗΡΙΑ πωλούνται μηχανήματα. Τηλ. 212-816.
Η ΣΥΝΕΧΕΙΑ ΣΤΗΝ 8Η ΣΕΛΙΔΑ
